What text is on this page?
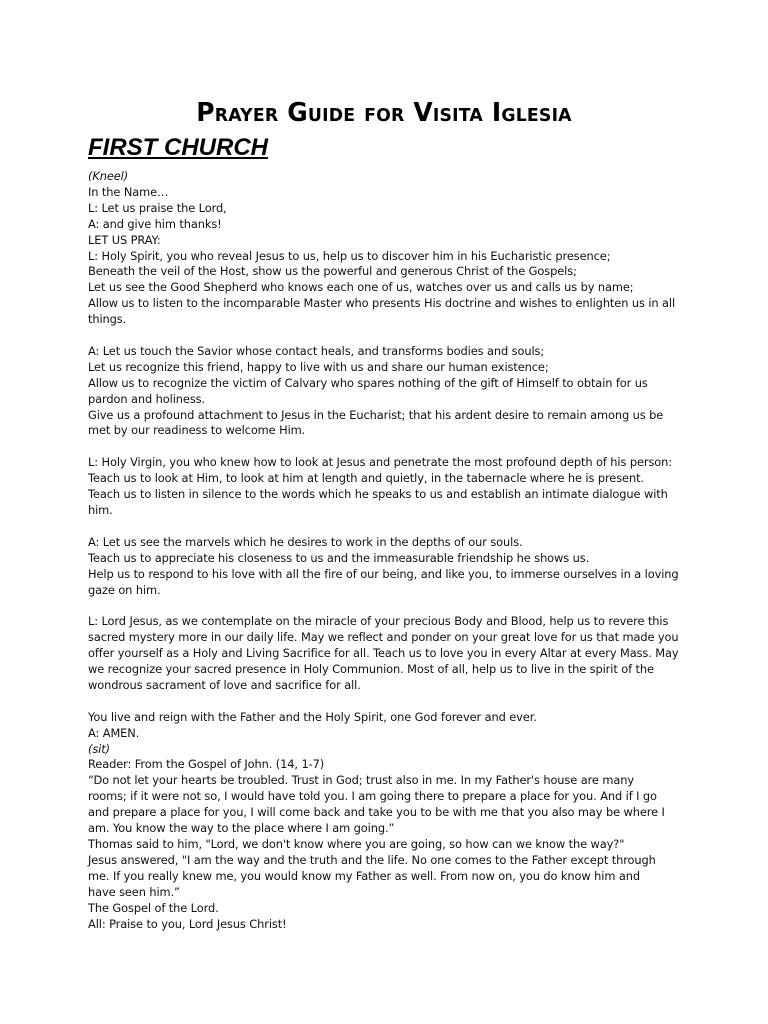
Prayer Guide for Visita Iglesia
FIRST CHURCH
(Kneel)
In the Name…
L: Let us praise the Lord,
A: and give him thanks!
LET US PRAY:
L: Holy Spirit, you who reveal Jesus to us, help us to discover him in his Eucharistic presence;
Beneath the veil of the Host, show us the powerful and generous Christ of the Gospels;
Let us see the Good Shepherd who knows each one of us, watches over us and calls us by name;
Allow us to listen to the incomparable Master who presents His doctrine and wishes to enlighten us in all
things.
A: Let us touch the Savior whose contact heals, and transforms bodies and souls;
Let us recognize this friend, happy to live with us and share our human existence;
Allow us to recognize the victim of Calvary who spares nothing of the gift of Himself to obtain for us
pardon and holiness.
Give us a profound attachment to Jesus in the Eucharist; that his ardent desire to remain among us be
met by our readiness to welcome Him.
L: Holy Virgin, you who knew how to look at Jesus and penetrate the most profound depth of his person:
Teach us to look at Him, to look at him at length and quietly, in the tabernacle where he is present.
Teach us to listen in silence to the words which he speaks to us and establish an intimate dialogue with
him.
A: Let us see the marvels which he desires to work in the depths of our souls.
Teach us to appreciate his closeness to us and the immeasurable friendship he shows us.
Help us to respond to his love with all the fire of our being, and like you, to immerse ourselves in a loving
gaze on him.
L: Lord Jesus, as we contemplate on the miracle of your precious Body and Blood, help us to revere this
sacred mystery more in our daily life. May we reflect and ponder on your great love for us that made you
offer yourself as a Holy and Living Sacrifice for all. Teach us to love you in every Altar at every Mass. May
we recognize your sacred presence in Holy Communion. Most of all, help us to live in the spirit of the
wondrous sacrament of love and sacrifice for all.
You live and reign with the Father and the Holy Spirit, one God forever and ever.
A: AMEN.
(sit)
Reader: From the Gospel of John. (14, 1-7)
“Do not let your hearts be troubled. Trust in God; trust also in me. In my Father's house are many
rooms; if it were not so, I would have told you. I am going there to prepare a place for you. And if I go
and prepare a place for you, I will come back and take you to be with me that you also may be where I
am. You know the way to the place where I am going.”
Thomas said to him, "Lord, we don't know where you are going, so how can we know the way?"
Jesus answered, "I am the way and the truth and the life. No one comes to the Father except through
me. If you really knew me, you would know my Father as well. From now on, you do know him and
have seen him.”
The Gospel of the Lord.
All: Praise to you, Lord Jesus Christ!
